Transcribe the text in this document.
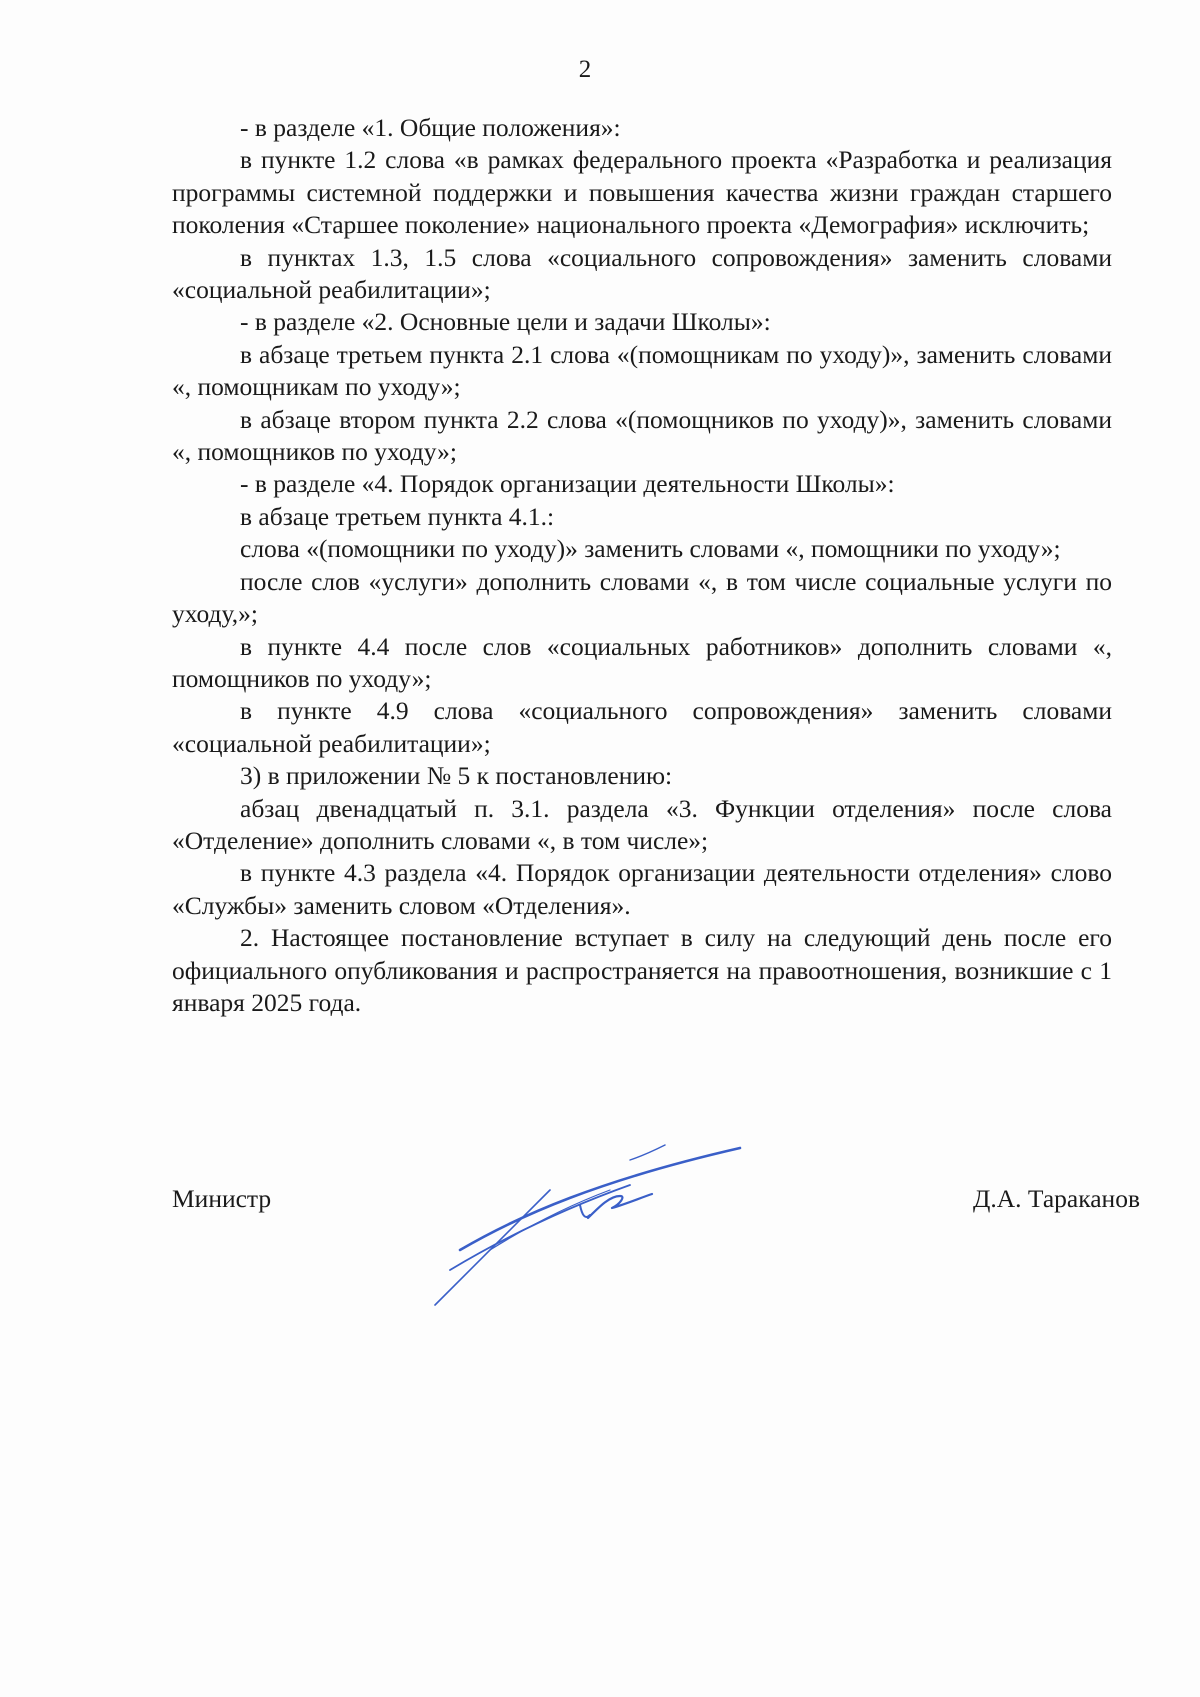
2

- в разделе «1. Общие положения»:

в пункте 1.2 слова «в рамках федерального проекта «Разработка и реализация программы системной поддержки и повышения качества жизни граждан старшего поколения «Старшее поколение» национального проекта «Демография» исключить;

в пунктах 1.3, 1.5 слова «социального сопровождения» заменить словами «социальной реабилитации»;

- в разделе «2. Основные цели и задачи Школы»:

в абзаце третьем пункта 2.1 слова «(помощникам по уходу)», заменить словами «, помощникам по уходу»;

в абзаце втором пункта 2.2 слова «(помощников по уходу)», заменить словами «, помощников по уходу»;

- в разделе «4. Порядок организации деятельности Школы»:

в абзаце третьем пункта 4.1.:

слова «(помощники по уходу)» заменить словами «, помощники по уходу»;

после слов «услуги» дополнить словами «, в том числе социальные услуги по уходу,»;

в пункте 4.4 после слов «социальных работников» дополнить словами «, помощников по уходу»;

в пункте 4.9 слова «социального сопровождения» заменить словами «социальной реабилитации»;

3) в приложении № 5 к постановлению:

абзац двенадцатый п. 3.1. раздела «3. Функции отделения» после слова «Отделение» дополнить словами «, в том числе»;

в пункте 4.3 раздела «4. Порядок организации деятельности отделения» слово «Службы» заменить словом «Отделения».

2. Настоящее постановление вступает в силу на следующий день после его официального опубликования и распространяется на правоотношения, возникшие с 1 января 2025 года.

Министр	Д.А. Тараканов
